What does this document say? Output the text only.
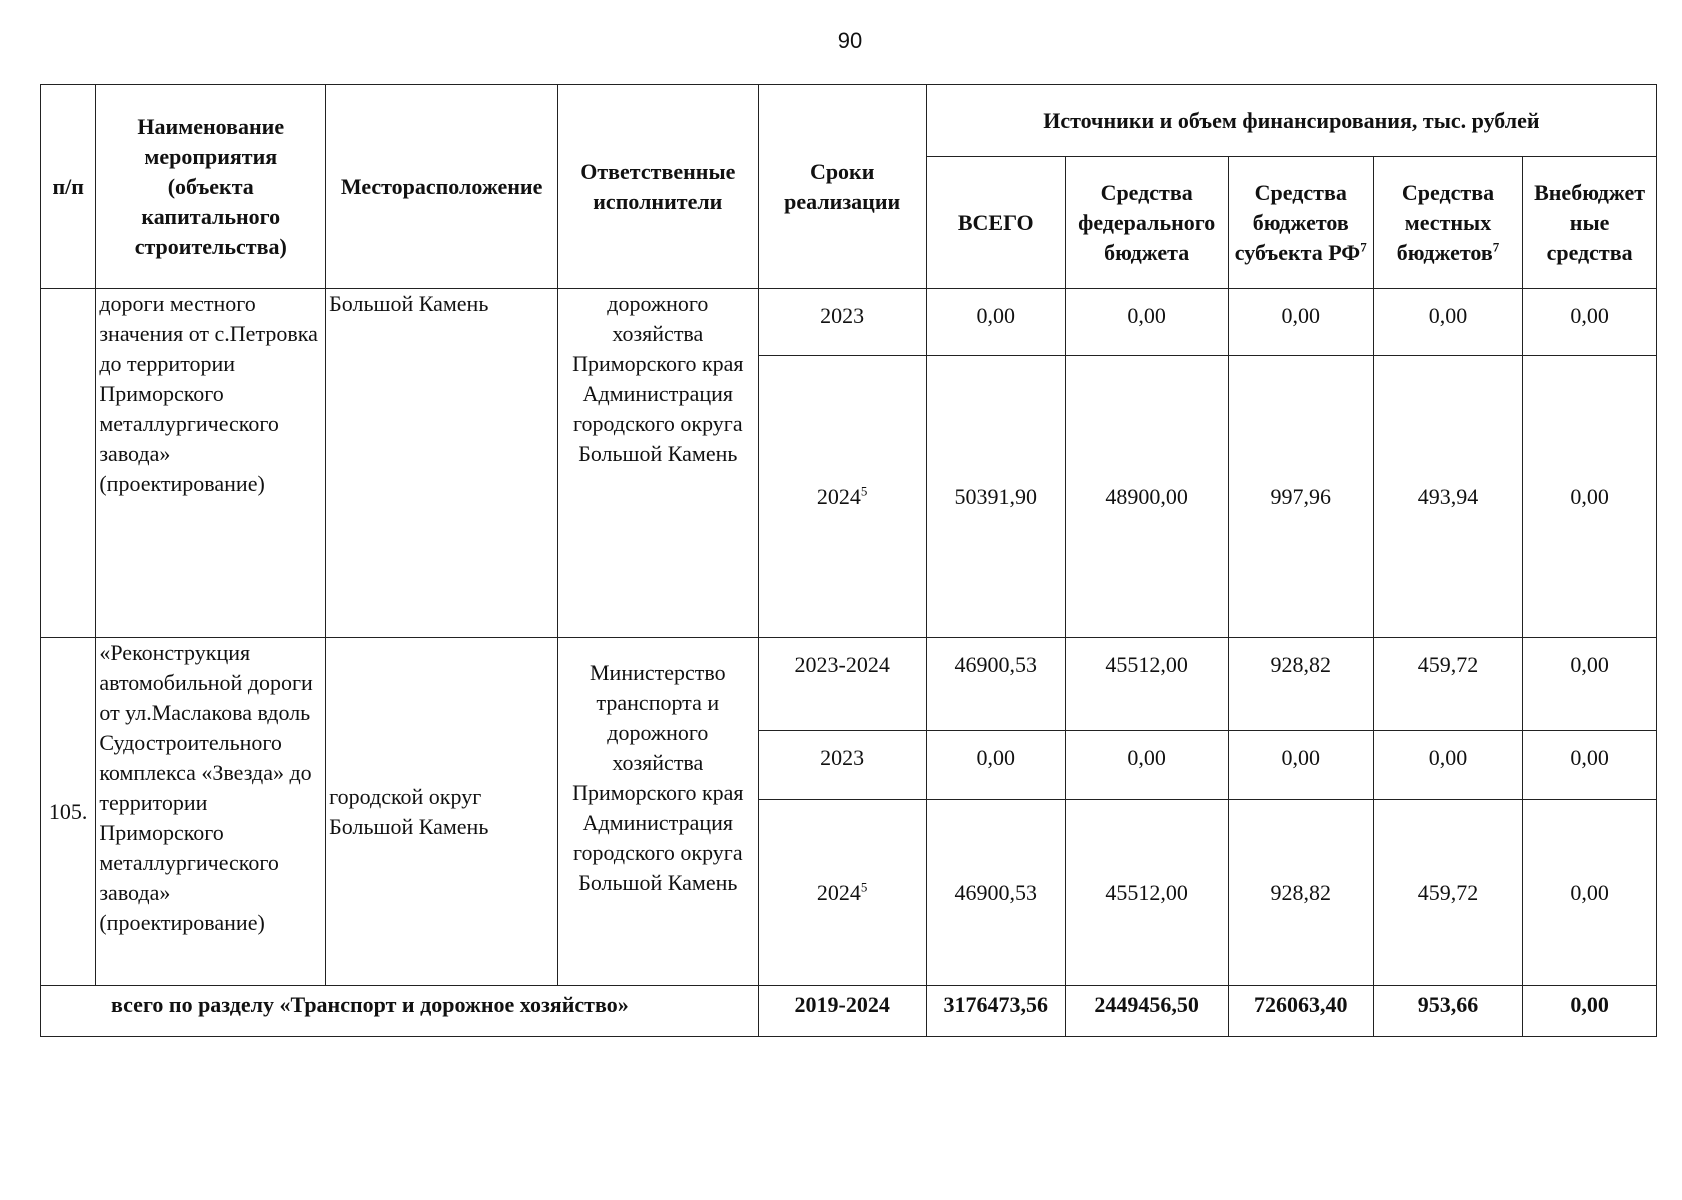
90
п/п	Наименование мероприятия (объекта капитального строительства)	Месторасположение	Ответственные исполнители	Сроки реализации	Источники и объем финансирования, тыс. рублей				
					ВСЕГО	Средства федерального бюджета	Средства бюджетов субъекта $РФ^7$	Средства местных бюджетов$^7$	Внебюджет ные средства
	дороги местного значения от с.Петровка до территории Приморского металлургического завода» (проектирование)	Большой Камень	дорожного хозяйства Приморского края Администрация городского округа Большой Камень	2023	0,00	0,00	0,00	0,00	0,00
				2024$^5$	50391,90	48900,00	997,96	493,94	0,00
105.	«Реконструкция автомобильной дороги от ул.Маслакова вдоль Судостроительного комплекса «Звезда» до территории Приморского металлургического завода» (проектирование)	городской округ Большой Камень	Министерство транспорта и дорожного хозяйства Приморского края Администрация городского округа Большой Камень	2023-2024	46900,53	45512,00	928,82	459,72	0,00
				2023	0,00	0,00	0,00	0,00	0,00
				2024$^5$	46900,53	45512,00	928,82	459,72	0,00
всего по разделу «Транспорт и дорожное хозяйство»				2019-2024	3176473,56	2449456,50	726063,40	953,66	0,00
